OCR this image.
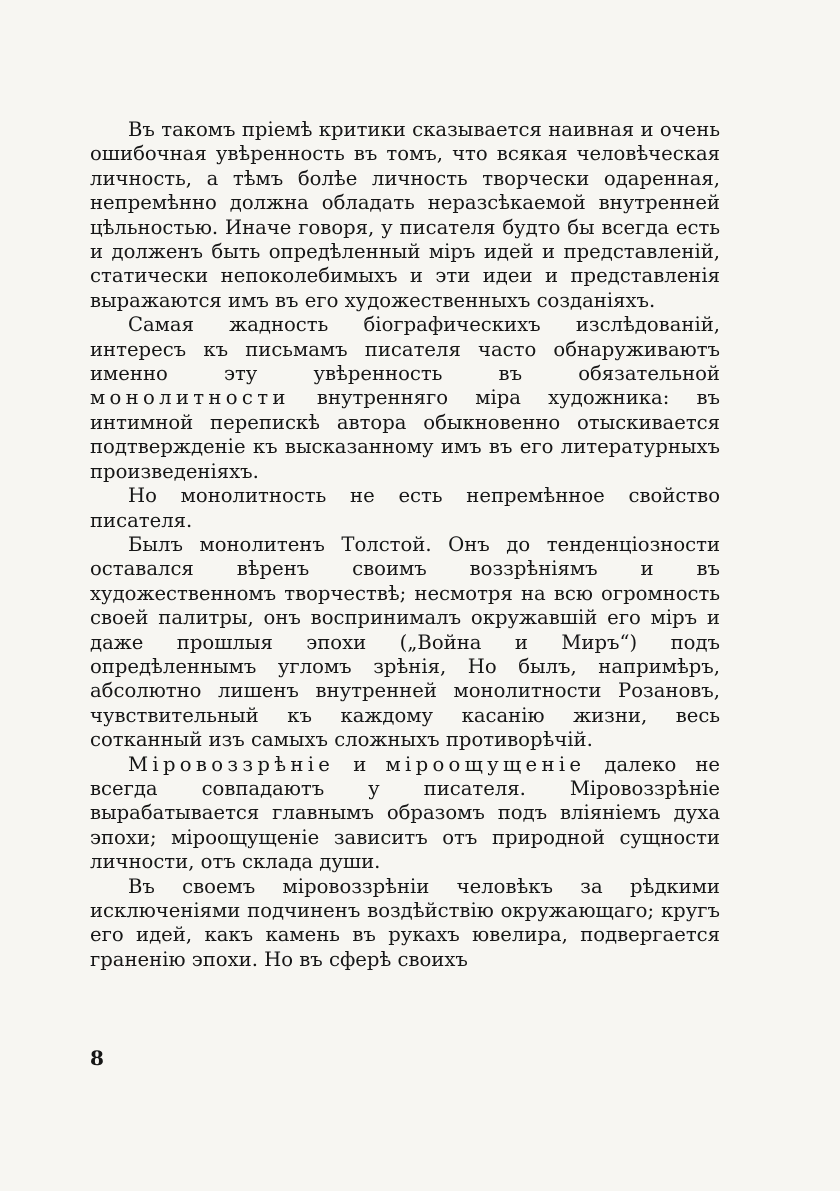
Въ такомъ пріемѣ критики сказывается наивная и очень ошибочная увѣренность въ томъ, что всякая человѣческая личность, а тѣмъ болѣе личность творчески одаренная, непремѣнно должна обладать неразсѣкаемой внутренней цѣльностью. Иначе говоря, у писателя будто бы всегда есть и долженъ быть опредѣленный міръ идей и представленій, статически непоколебимыхъ и эти идеи и представленія выражаются имъ въ его художественныхъ созданіяхъ.

Самая жадность біографическихъ изслѣдованій, интересъ къ письмамъ писателя часто обнаруживаютъ именно эту увѣренность въ обязательной монолитности внутренняго міра художника: въ интимной перепискѣ автора обыкновенно отыскивается подтвержденіе къ высказанному имъ въ его литературныхъ произведеніяхъ.

Но монолитность не есть непремѣнное свойство писателя.

Былъ монолитенъ Толстой. Онъ до тенденціозности оставался вѣренъ своимъ воззрѣніямъ и въ художественномъ творчествѣ; несмотря на всю огромность своей палитры, онъ воспринималъ окружавшій его міръ и даже прошлыя эпохи („Война и Миръ“) подъ опредѣленнымъ угломъ зрѣнія, Но былъ, напримѣръ, абсолютно лишенъ внутренней монолитности Розановъ, чувствительный къ каждому касанію жизни, весь сотканный изъ самыхъ сложныхъ противорѣчій.

Міровоззрѣніе и міроощущеніе далеко не всегда совпадаютъ у писателя. Міровоззрѣніе вырабатывается главнымъ образомъ подъ вліяніемъ духа эпохи; міроощущеніе зависитъ отъ природной сущности личности, отъ склада души.

Въ своемъ міровоззрѣніи человѣкъ за рѣдкими исключеніями подчиненъ воздѣйствію окружающаго; кругъ его идей, какъ камень въ рукахъ ювелира, подвергается гранeнію эпохи. Но въ сферѣ своихъ

8
